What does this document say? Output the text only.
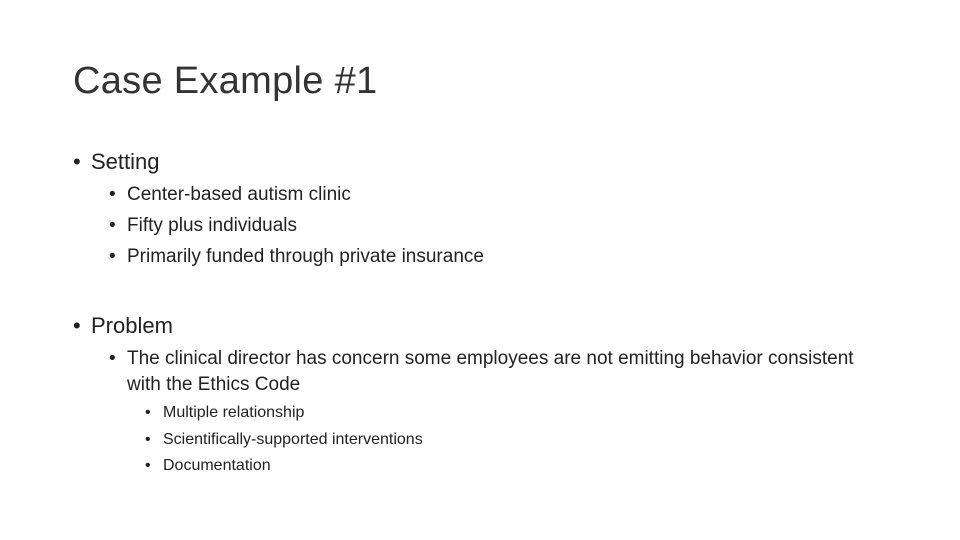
Case Example #1

• Setting

• Center-based autism clinic

• Fifty plus individuals

• Primarily funded through private insurance

• Problem

• The clinical director has concern some employees are not emitting behavior consistent with the Ethics Code

• Multiple relationship

• Scientifically-supported interventions

• Documentation
